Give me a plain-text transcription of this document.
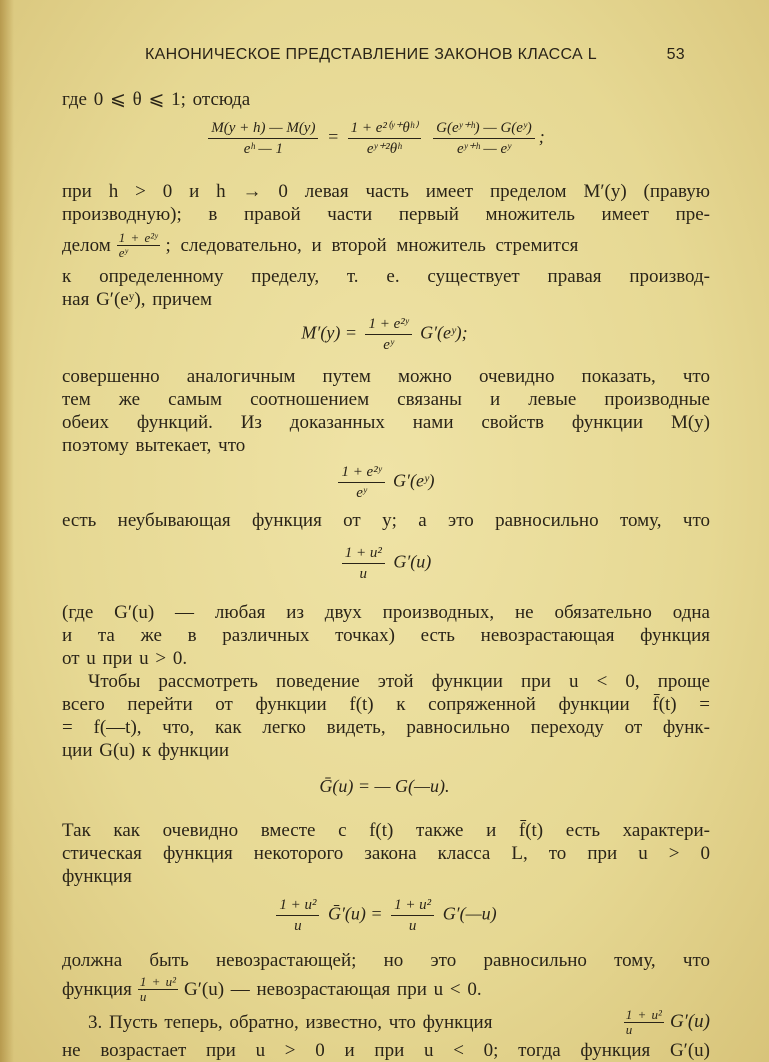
КАНОНИЧЕСКОЕ ПРЕДСТАВЛЕНИЕ ЗАКОНОВ КЛАССА L	53
где 0 ⩽ θ ⩽ 1; отсюда
$\frac{M(y + h) — M(y)}{\text{eʰ — 1}} = \frac{\text{1 + e²⁽ʸ⁺θʰ⁾}}{\text{eʸ⁺²θʰ}}$
$\frac{\text{G(eʸ⁺ʰ) — G(eʸ)}}{\text{eʸ⁺ʰ — eʸ}}$ ;
при h > 0 и h → 0 левая часть имеет пределом M′(y) (правую
производную); в правой части первый множитель имеет пре-
делом $\frac{\text{1 + e²ʸ}}{\text{eʸ}}$ ; следовательно, и второй множитель стремится
к определенному пределу, т. е. существует правая производ-
ная G′(eʸ), причем
$M'(y) = \frac{\text{1 + e²ʸ}}{\text{eʸ}}$ G′(eʸ);
совершенно аналогичным путем можно очевидно показать, что
тем же самым соотношением связаны и левые производные
обеих функций. Из доказанных нами свойств функции M(y)
поэтому вытекает, что
$\frac{\text{1 + e²ʸ}}{\text{eʸ}}$ G′(eʸ)
есть неубывающая функция от y; а это равносильно тому, что
$\frac{\text{1 + u²}}{u} G'(u)$
(где G′(u) — любая из двух производных, не обязательно одна
и та же в различных точках) есть невозрастающая функция
от u при u > 0.
Чтобы рассмотреть поведение этой функции при u < 0, проще
всего перейти от функции f(t) к сопряженной функции f̄(t) =
= f(—t), что, как легко видеть, равносильно переходу от функ-
ции G(u) к функции
Ḡ(u) = — G(—u).
Так как очевидно вместе с f(t) также и f̄(t) есть характери-
стическая функция некоторого закона класса L, то при u > 0
функция
$\frac{\text{1 + u²}}{u}$ Ḡ′(u) = $\frac{\text{1 + u²}}{u}$ G′(—u)
должна быть невозрастающей; но это равносильно тому, что
функция $\frac{\text{1 + u²}}{u} G'(u)$ — невозрастающая при u < 0.
3. Пусть теперь, обратно, известно, что функция	$\frac{\text{1 + u²}}{u} G'(u)$
не возрастает при u > 0 и при u < 0; тогда функция G′(u)
